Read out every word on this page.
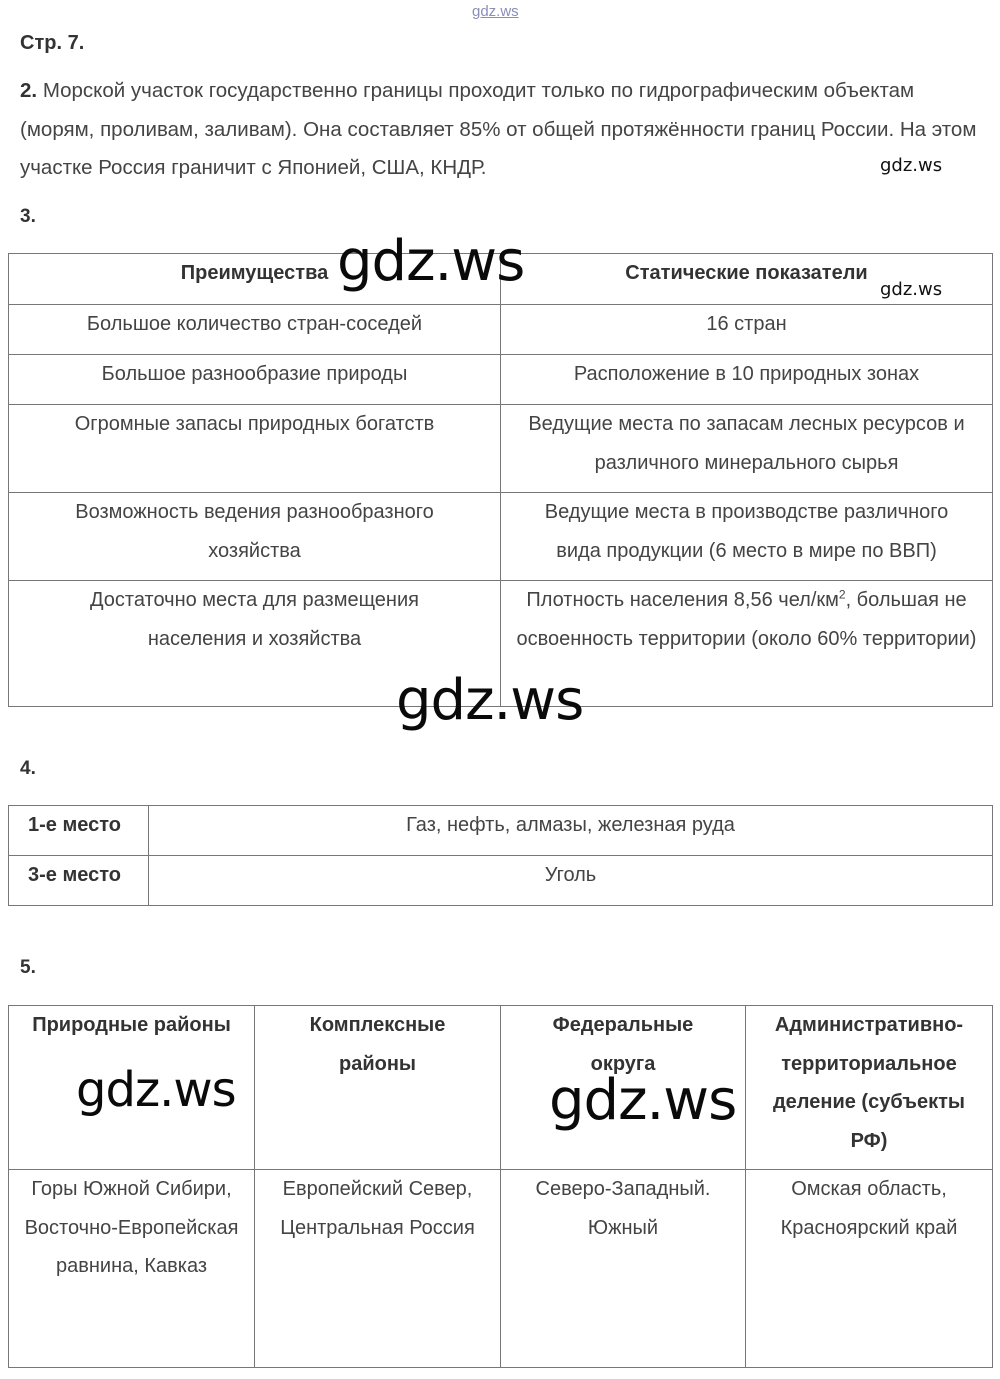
gdz.ws
Стр. 7.

2. Морской участок государственно границы проходит только по гидрографическим объектам (морям, проливам, заливам). Она составляет 85% от общей протяжённости границ России. На этом участке Россия граничит с Японией, США, КНДР.	gdz.ws
3.
Преимущества	Статические показатели
Большое количество стран-соседей	16 стран
Большое разнообразие природы	Расположение в 10 природных зонах
Огромные запасы природных богатств	Ведущие места по запасам лесных ресурсов и различного минерального сырья
Возможность ведения разнообразного хозяйства	Ведущие места в производстве различного вида продукции (6 место в мире по ВВП)
Достаточно места для размещения населения и хозяйства	Плотность населения 8,56 чел/$км^2$, большая не освоенность территории (около 60% территории)
gdz.ws	gdz.ws
gdz.ws
4.
1-е место	Газ, нефть, алмазы, железная руда
3-е место	Уголь
5.
Природные районы	Комплексные районы	Федеральные округа	Административно-территориальное деление (субъекты РФ)
Горы Южной Сибири, Восточно-Европейская равнина, Кавказ	Европейский Север, Центральная Россия	Северо-Западный. Южный	Омская область, Красноярский край
gdz.ws	gdz.ws
